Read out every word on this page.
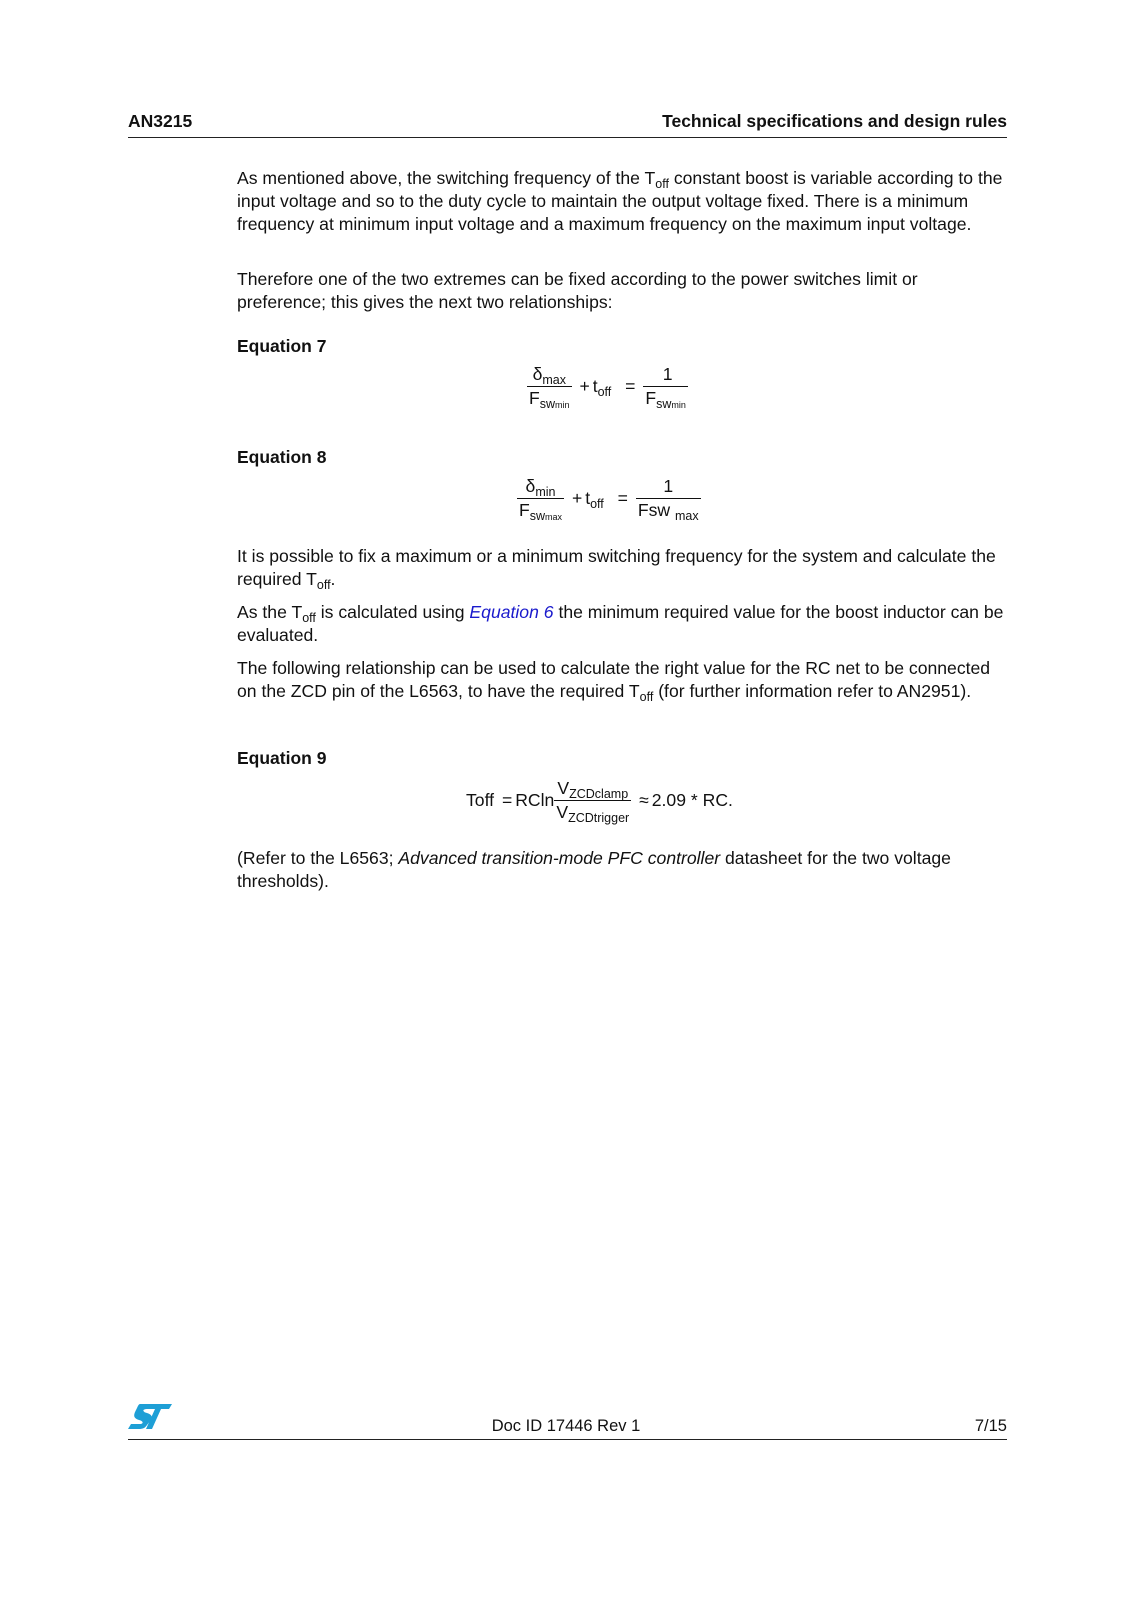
AN3215	Technical specifications and design rules

As mentioned above, the switching frequency of the $T_{off}$ constant boost is variable according to the input voltage and so to the duty cycle to maintain the output voltage fixed. There is a minimum frequency at minimum input voltage and a maximum frequency on the maximum input voltage.

Therefore one of the two extremes can be fixed according to the power switches limit or preference; this gives the next two relationships:

Equation 7
$\frac{\delta_{max}}{F_{swmin}} + t_{off} = \frac{1}{F_{swmin}}$
Equation 8
$\frac{\delta_{min}}{F_{swmax}} + t_{off} = \frac{1}{Fsw _{max}}$

It is possible to fix a maximum or a minimum switching frequency for the system and calculate the required $T_{off}$.

As the $T_{off}$ is calculated using Equation 6 the minimum required value for the boost inductor can be evaluated.

The following relationship can be used to calculate the right value for the RC net to be connected on the ZCD pin of the L6563, to have the required $T_{off}$ (for further information refer to AN2951).

Equation 9
Toff = RCln $\frac{V_{ZCDclamp}}{V_{ZCDtrigger}} \approx 2.09$ * RC.

(Refer to the L6563; Advanced transition-mode PFC controller datasheet for the two voltage thresholds).

Doc ID 17446 Rev 1	7/15
